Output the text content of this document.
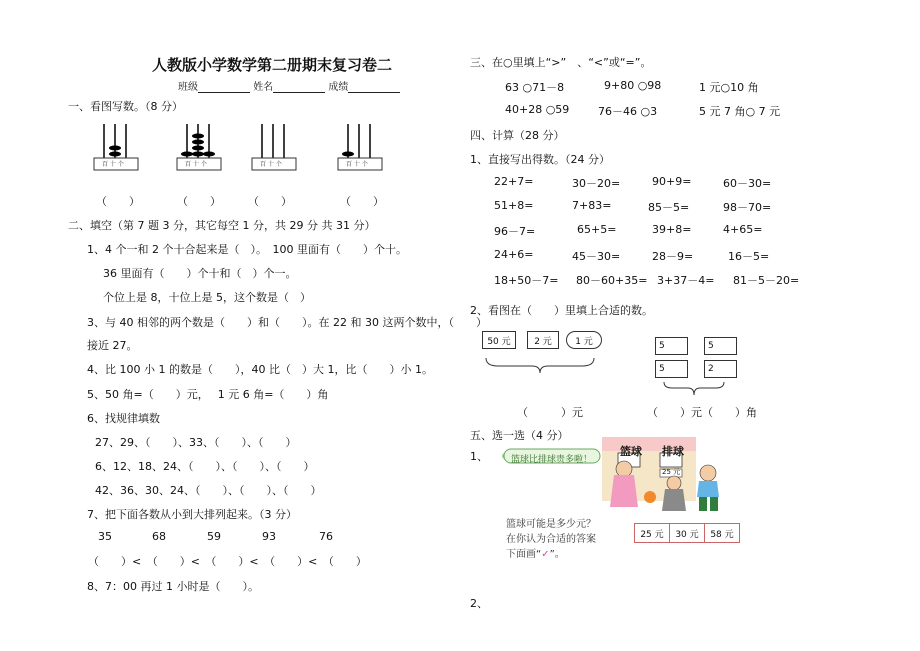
人教版小学数学第二册期末复习卷二
班级	姓名	成绩
一、看图写数。（8 分）
百 十 个	百 十 个	百 十 个	百 十 个
（　　）	（　　） （　　）	（　　）
二、填空（第 7 题 3 分，其它每空 1 分，共 29 分 共 31 分）
1、4 个一和 2 个十合起来是（　）。　100 里面有（　　）个十。
36 里面有（　　）个十和（　）个一。
个位上是 8，十位上是 5，这个数是（　）
3、与 40 相邻的两个数是（　　）和（　　）。在 22 和 30 这两个数中，（　　）
接近 27。
4、比 100 小 1 的数是（　　），40 比（　）大 1，比（　　）小 1。
5、50 角=（　　）元，　 1 元 6 角=（　　）角
6、找规律填数
27、29、（　　）、33、（　　）、（　　）
6、12、18、24、（　　）、（　　）、（　　）
42、36、30、24、（　　）、（　　）、（　　）
7、把下面各数从小到大排列起来。（3 分）
35	68	59	93	76
（　　）<　（　　）<　（　　）<　（　　）<　（　　）
8、7：00 再过 1 小时是（　　）。
三、在○里填上“>”　、“<”或“=”。
63 ○71－8	9+80 ○98	1 元○10 角
40+28 ○59	76－46 ○3	5 元 7 角○ 7 元
四、计算（28 分）
1、直接写出得数。（24 分）
22+7=	30－20=	90+9=	60－30=
51+8=	7+83=	85－5=	98－70=
96－7=	65+5=	39+8=	4+65=
24+6=	45－30=	28－9=	16－5=
18+50－7= 80－60+35= 3+37－4= 81－5－20=
2、看图在（　　）里填上合适的数。
50 元	2 元	1 元	5	5
5	2
（　　　）元	（　　）元（　　）角
五、选一选（4 分）
1、	篮球比排球贵多啦！
篮球 排球
25 元
篮球可能是多少元？
在你认为合适的答案
下面画“✓”。
25 元	30 元	58 元
2、
